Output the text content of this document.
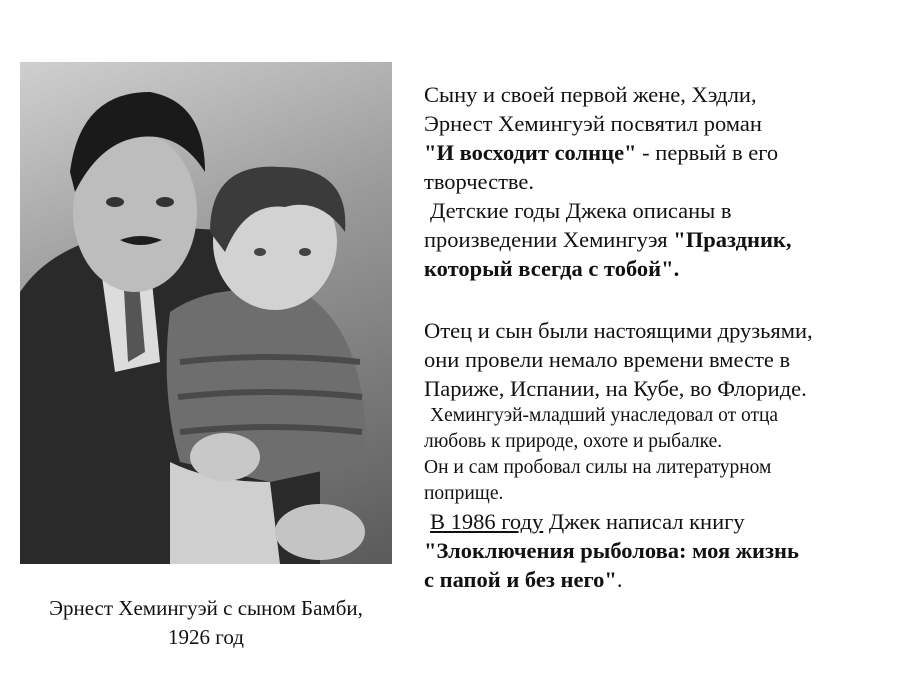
Эрнест Хемингуэй с сыном Бамби,
1926 год

Сыну и своей первой жене, Хэдли,

Эрнест Хемингуэй посвятил роман

"И восходит солнце" - первый в его

творчестве.

Детские годы Джека описаны в

произведении Хемингуэя "Праздник,

который всегда с тобой".

Отец и сын были настоящими друзьями,

они провели немало времени вместе в

Париже, Испании, на Кубе, во Флориде.

Хемингуэй-младший унаследовал от отца

любовь к природе, охоте и рыбалке.

Он и сам пробовал силы на литературном

поприще.

В 1986 году Джек написал книгу

"Злоключения рыболова: моя жизнь

с папой и без него".
